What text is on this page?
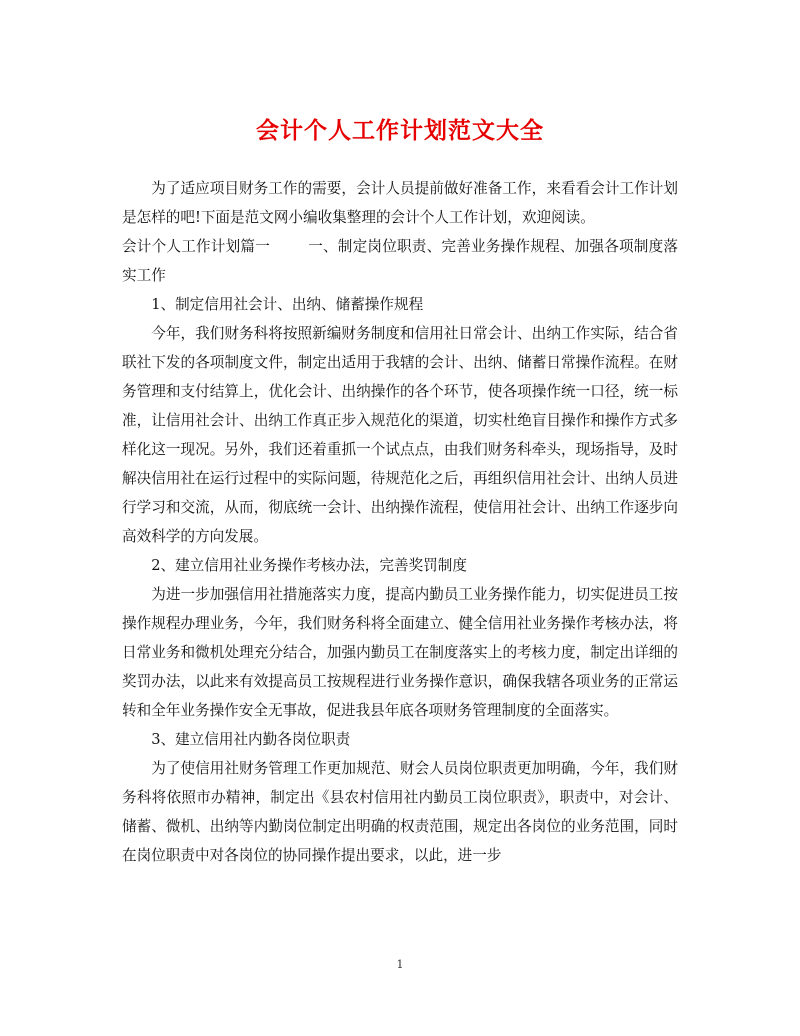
会计个人工作计划范文大全

为了适应项目财务工作的需要，会计人员提前做好准备工作，来看看会计工作计划是怎样的吧!下面是范文网小编收集整理的会计个人工作计划，欢迎阅读。

会计个人工作计划篇一	一、制定岗位职责、完善业务操作规程、加强各项制度落实工作

1、制定信用社会计、出纳、储蓄操作规程

今年，我们财务科将按照新编财务制度和信用社日常会计、出纳工作实际，结合省联社下发的各项制度文件，制定出适用于我辖的会计、出纳、储蓄日常操作流程。在财务管理和支付结算上，优化会计、出纳操作的各个环节，使各项操作统一口径，统一标准，让信用社会计、出纳工作真正步入规范化的渠道，切实杜绝盲目操作和操作方式多样化这一现况。另外，我们还着重抓一个试点点，由我们财务科牵头，现场指导，及时解决信用社在运行过程中的实际问题，待规范化之后，再组织信用社会计、出纳人员进行学习和交流，从而，彻底统一会计、出纳操作流程，使信用社会计、出纳工作逐步向高效科学的方向发展。

2、建立信用社业务操作考核办法，完善奖罚制度

为进一步加强信用社措施落实力度，提高内勤员工业务操作能力，切实促进员工按操作规程办理业务，今年，我们财务科将全面建立、健全信用社业务操作考核办法，将日常业务和微机处理充分结合，加强内勤员工在制度落实上的考核力度，制定出详细的奖罚办法，以此来有效提高员工按规程进行业务操作意识，确保我辖各项业务的正常运转和全年业务操作安全无事故，促进我县年底各项财务管理制度的全面落实。

3、建立信用社内勤各岗位职责

为了使信用社财务管理工作更加规范、财会人员岗位职责更加明确，今年，我们财务科将依照市办精神，制定出《县农村信用社内勤员工岗位职责》，职责中，对会计、储蓄、微机、出纳等内勤岗位制定出明确的权责范围，规定出各岗位的业务范围，同时在岗位职责中对各岗位的协同操作提出要求，以此，进一步

1
